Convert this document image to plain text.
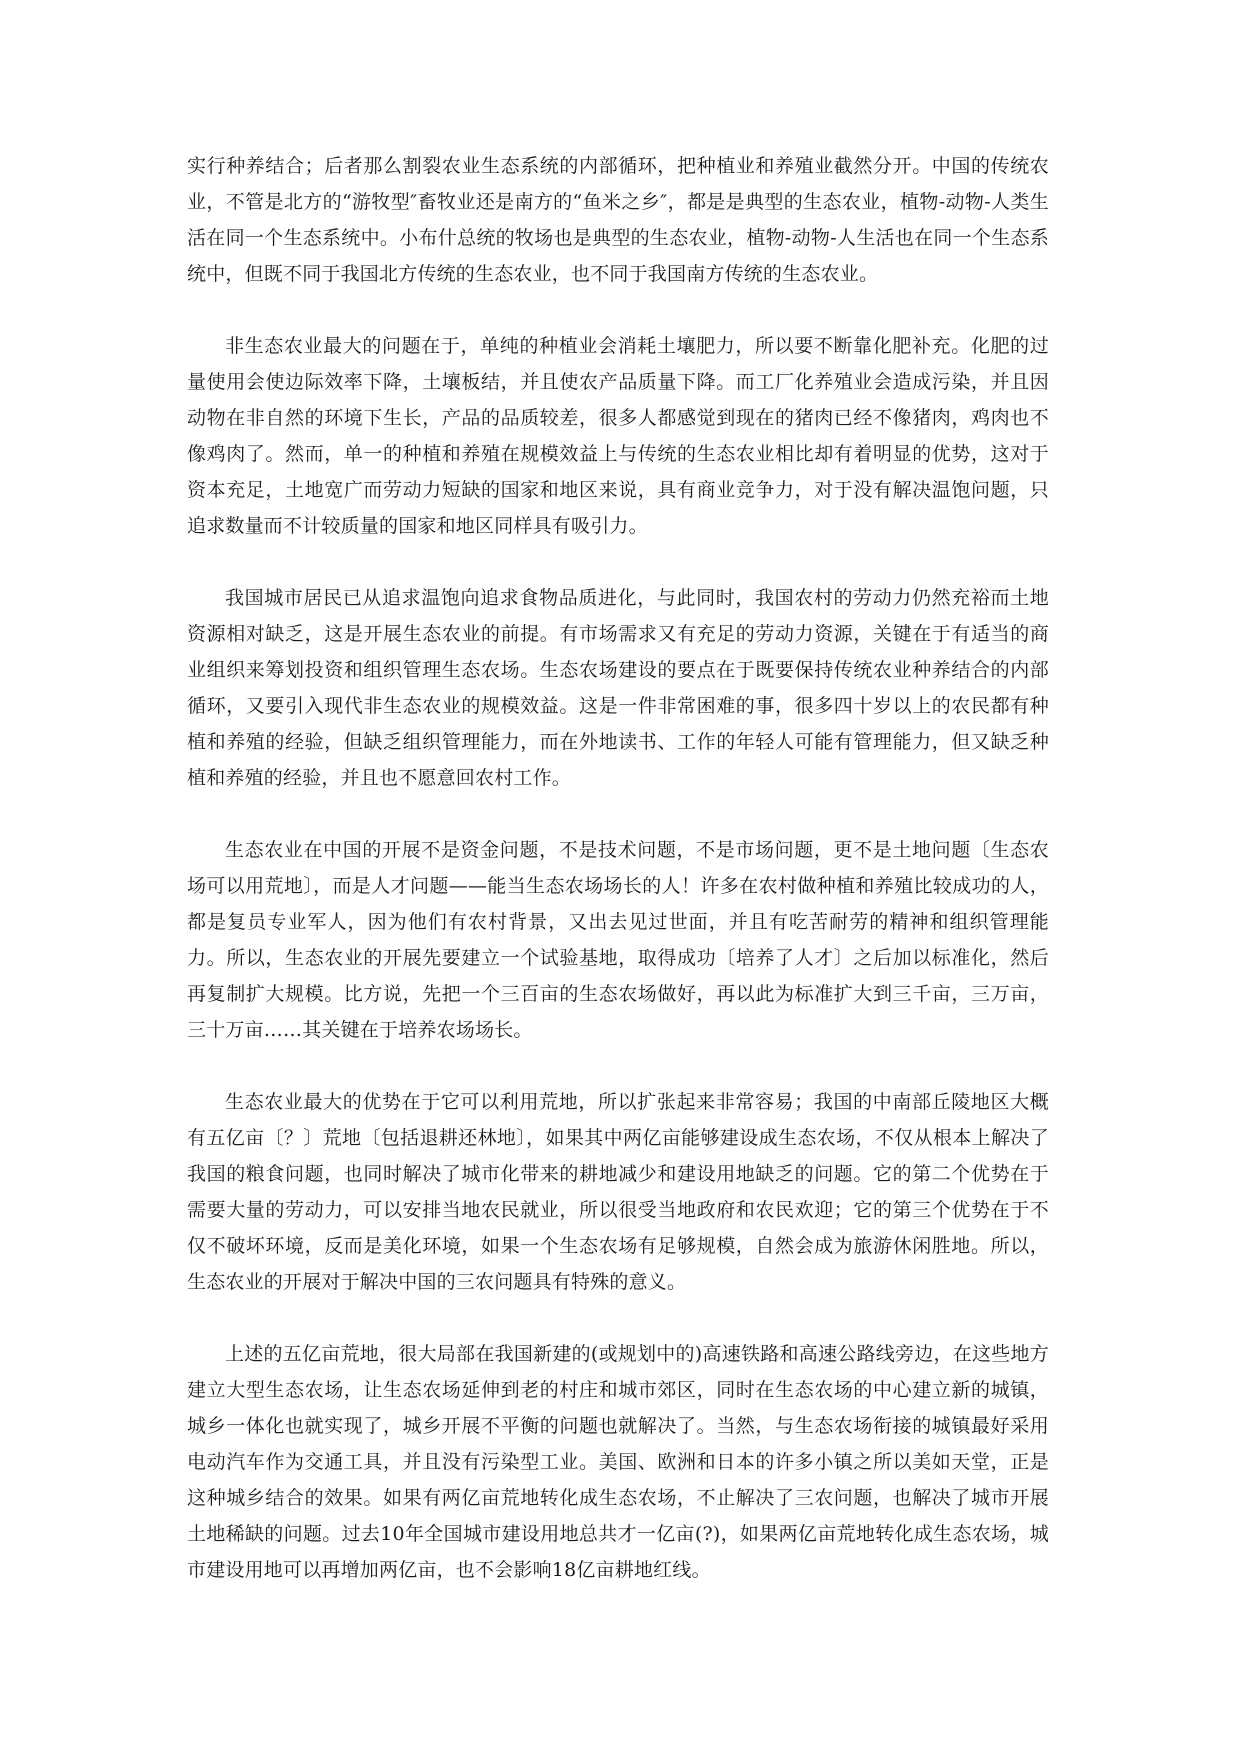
实行种养结合；后者那么割裂农业生态系统的内部循环，把种植业和养殖业截然分开。中国的传统农业，不管是北方的“游牧型″畜牧业还是南方的“鱼米之乡″，都是是典型的生态农业，植物-动物-人类生活在同一个生态系统中。小布什总统的牧场也是典型的生态农业，植物-动物-人生活也在同一个生态系统中，但既不同于我国北方传统的生态农业，也不同于我国南方传统的生态农业。

非生态农业最大的问题在于，单纯的种植业会消耗土壤肥力，所以要不断靠化肥补充。化肥的过量使用会使边际效率下降，土壤板结，并且使农产品质量下降。而工厂化养殖业会造成污染，并且因动物在非自然的环境下生长，产品的品质较差，很多人都感觉到现在的猪肉已经不像猪肉，鸡肉也不像鸡肉了。然而，单一的种植和养殖在规模效益上与传统的生态农业相比却有着明显的优势，这对于资本充足，土地宽广而劳动力短缺的国家和地区来说，具有商业竞争力，对于没有解决温饱问题，只追求数量而不计较质量的国家和地区同样具有吸引力。

我国城市居民已从追求温饱向追求食物品质进化，与此同时，我国农村的劳动力仍然充裕而土地资源相对缺乏，这是开展生态农业的前提。有市场需求又有充足的劳动力资源，关键在于有适当的商业组织来筹划投资和组织管理生态农场。生态农场建设的要点在于既要保持传统农业种养结合的内部循环，又要引入现代非生态农业的规模效益。这是一件非常困难的事，很多四十岁以上的农民都有种植和养殖的经验，但缺乏组织管理能力，而在外地读书、工作的年轻人可能有管理能力，但又缺乏种植和养殖的经验，并且也不愿意回农村工作。

生态农业在中国的开展不是资金问题，不是技术问题，不是市场问题，更不是土地问题〔生态农场可以用荒地〕，而是人才问题——能当生态农场场长的人！许多在农村做种植和养殖比较成功的人，都是复员专业军人，因为他们有农村背景，又出去见过世面，并且有吃苦耐劳的精神和组织管理能力。所以，生态农业的开展先要建立一个试验基地，取得成功〔培养了人才〕之后加以标准化，然后再复制扩大规模。比方说，先把一个三百亩的生态农场做好，再以此为标准扩大到三千亩，三万亩，三十万亩……其关键在于培养农场场长。

生态农业最大的优势在于它可以利用荒地，所以扩张起来非常容易；我国的中南部丘陵地区大概有五亿亩〔？〕荒地〔包括退耕还林地〕，如果其中两亿亩能够建设成生态农场，不仅从根本上解决了我国的粮食问题，也同时解决了城市化带来的耕地减少和建设用地缺乏的问题。它的第二个优势在于需要大量的劳动力，可以安排当地农民就业，所以很受当地政府和农民欢迎；它的第三个优势在于不仅不破坏环境，反而是美化环境，如果一个生态农场有足够规模，自然会成为旅游休闲胜地。所以，生态农业的开展对于解决中国的三农问题具有特殊的意义。

上述的五亿亩荒地，很大局部在我国新建的(或规划中的)高速铁路和高速公路线旁边，在这些地方建立大型生态农场，让生态农场延伸到老的村庄和城市郊区，同时在生态农场的中心建立新的城镇，城乡一体化也就实现了，城乡开展不平衡的问题也就解决了。当然，与生态农场衔接的城镇最好采用电动汽车作为交通工具，并且没有污染型工业。美国、欧洲和日本的许多小镇之所以美如天堂，正是这种城乡结合的效果。如果有两亿亩荒地转化成生态农场，不止解决了三农问题，也解决了城市开展土地稀缺的问题。过去10年全国城市建设用地总共才一亿亩(?)，如果两亿亩荒地转化成生态农场，城市建设用地可以再增加两亿亩，也不会影响18亿亩耕地红线。
